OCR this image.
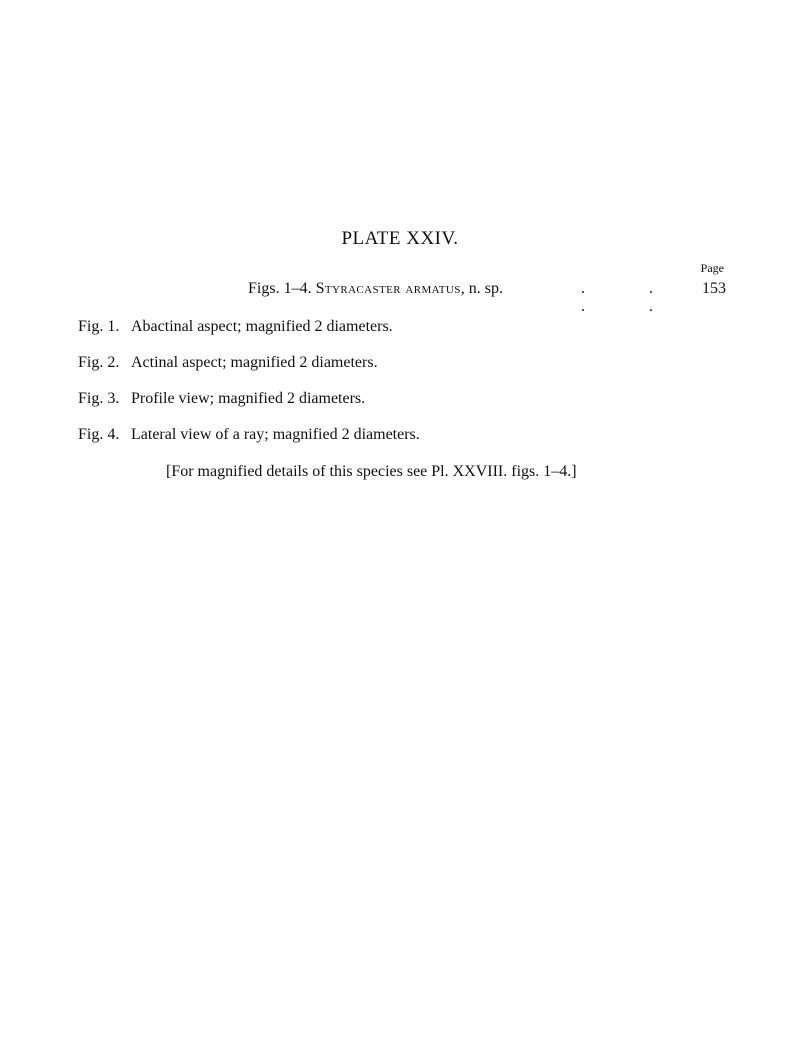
PLATE XXIV.
Page
Figs. 1–4. Styracaster armatus, n. sp.	. . . .
153
Fig. 1. Abactinal aspect; magnified 2 diameters.
Fig. 2. Actinal aspect; magnified 2 diameters.
Fig. 3. Profile view; magnified 2 diameters.
Fig. 4. Lateral view of a ray; magnified 2 diameters.
[For magnified details of this species see Pl. XXVIII. figs. 1–4.]
